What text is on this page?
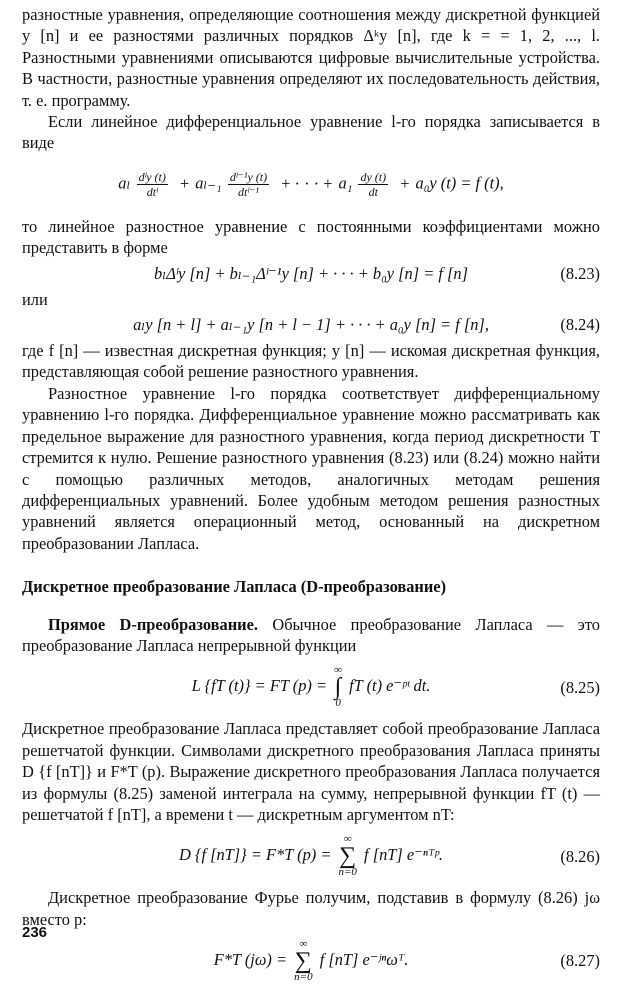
разностные уравнения, определяющие соотношения между дискретной функцией y [n] и ее разностями различных порядков Δᵏy [n], где k = = 1, 2, ..., l. Разностными уравнениями описываются цифровые вычислительные устройства. В частности, разностные уравнения определяют их последовательность действия, т. е. программу.

Если линейное дифференциальное уравнение l-го порядка записывается в виде

aₗ $\frac{\text{dˡy (t)}}{\text{dtˡ}} + a_{l-1} \frac{\text{dˡ⁻¹y (t)}}{\text{dtˡ⁻¹}}$ + · · · + $a_1 \frac{dy (t)}{dt} + a_0y$ (t) = f (t),

то линейное разностное уравнение с постоянными коэффициентами можно представить в форме

bₗΔˡy [n] + bₗ₋₁Δˡ⁻¹y [n] + · · · + b₀y [n] = f [n]	(8.23)

или

aₗy [n + l] + aₗ₋₁y [n + l − 1] + · · · + a₀y [n] = f [n],	(8.24)

где f [n] — известная дискретная функция; y [n] — искомая дискретная функция, представляющая собой решение разностного уравнения.

Разностное уравнение l-го порядка соответствует дифференциальному уравнению l-го порядка. Дифференциальное уравнение можно рассматривать как предельное выражение для разностного уравнения, когда период дискретности T стремится к нулю. Решение разностного уравнения (8.23) или (8.24) можно найти с помощью различных методов, аналогичных методам решения дифференциальных уравнений. Более удобным методом решения разностных уравнений является операционный метод, основанный на дискретном преобразовании Лапласа.

Дискретное преобразование Лапласа (D-преобразование)

Прямое D-преобразование. Обычное преобразование Лапласа — это преобразование Лапласа непрерывной функции

L {fT (t)} = FT (p) = ∞
∫
0 fT (t) e⁻ᵖᵗ dt.	(8.25)

Дискретное преобразование Лапласа представляет собой преобразование Лапласа решетчатой функции. Символами дискретного преобразования Лапласа приняты D {f [nT]} и F*T (p). Выражение дискретного преобразования Лапласа получается из формулы (8.25) заменой интеграла на сумму, непрерывной функции fT (t) — решетчатой f [nT], а времени t — дискретным аргументом nT:

D {f [nT]} = F*T (p) = ∞
∑
n=0 f [nT] e⁻ⁿᵀᵖ.	(8.26)

Дискретное преобразование Фурье получим, подставив в формулу (8.26) jω вместо p:

F*T (jω) = ∞
∑
n=0 f [nT] e⁻ʲⁿωᵀ.	(8.27)
236
